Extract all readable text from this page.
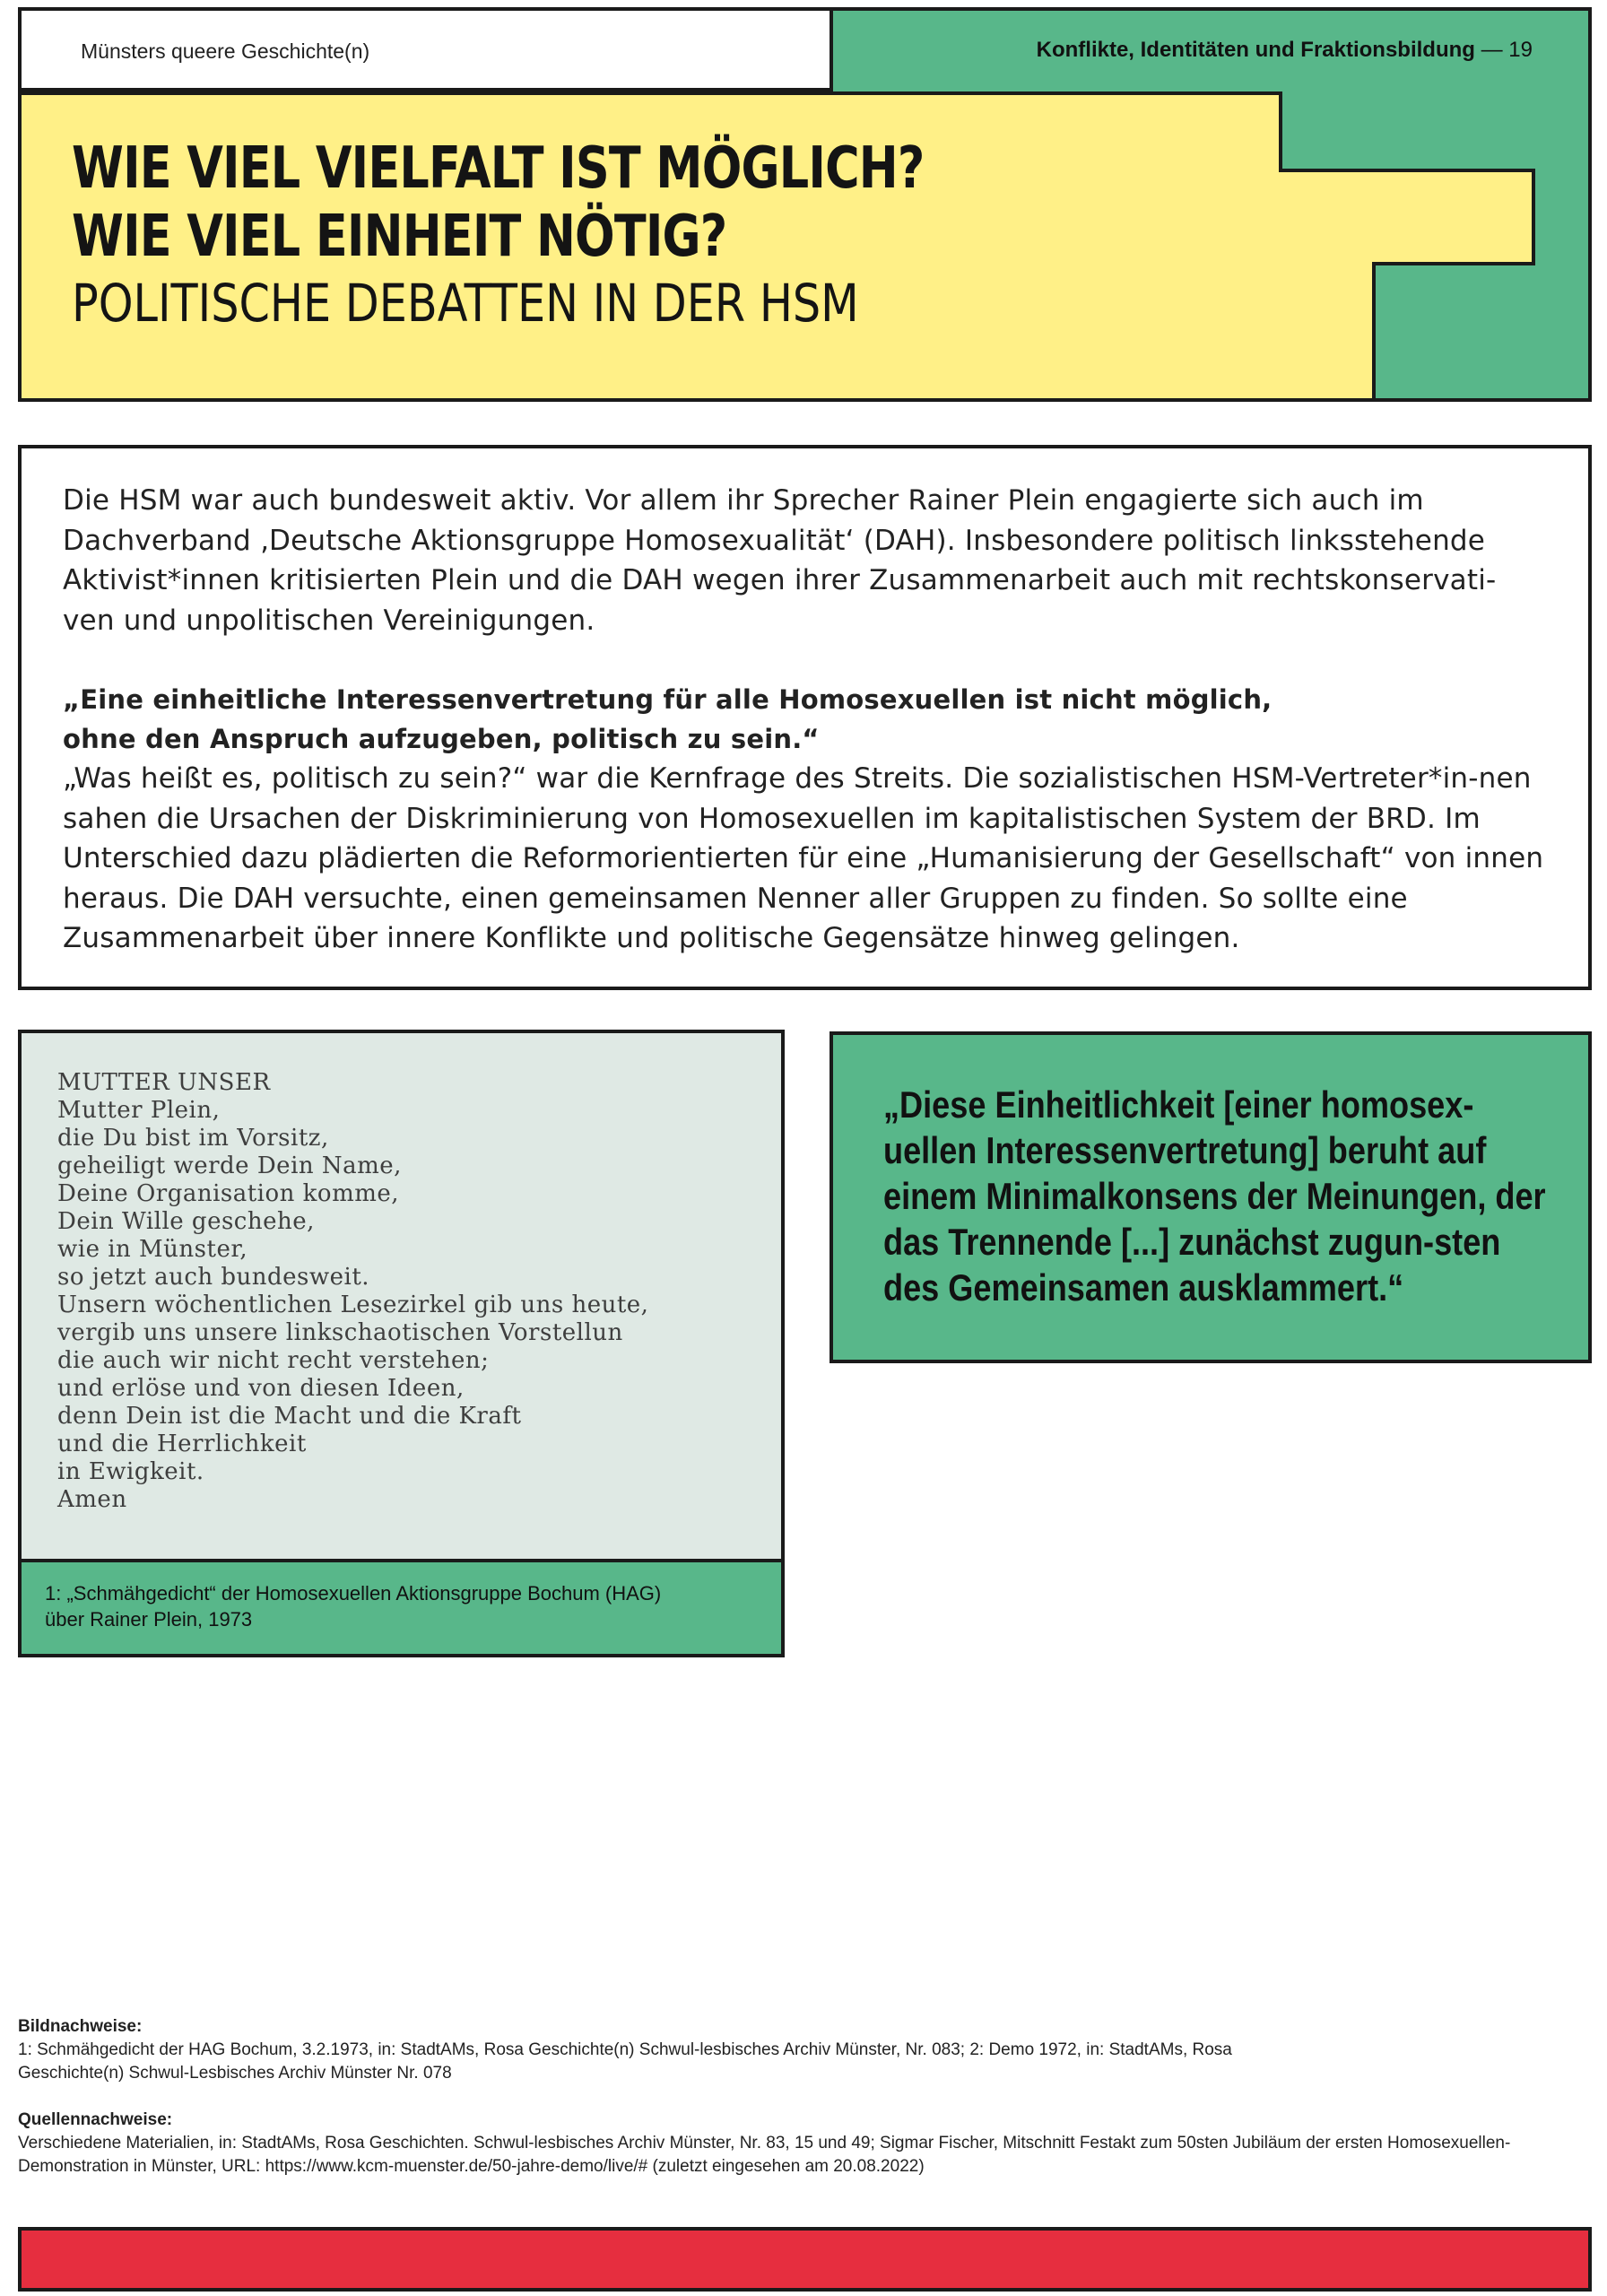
Münsters queere Geschichte(n)	Konflikte, Identitäten und Fraktionsbildung — 19
WIE VIEL VIELFALT IST MÖGLICH?
WIE VIEL EINHEIT NÖTIG?
POLITISCHE DEBATTEN IN DER HSM

Die HSM war auch bundesweit aktiv. Vor allem ihr Sprecher Rainer Plein engagierte sich auch im Dachverband ‚Deutsche Aktionsgruppe Homosexualität‘ (DAH). Insbesondere politisch linksstehende Aktivist*innen kritisierten Plein und die DAH wegen ihrer Zusammenarbeit auch mit rechtskonservati-ven und unpolitischen Vereinigungen.

„Eine einheitliche Interessenvertretung für alle Homosexuellen ist nicht möglich,

ohne den Anspruch aufzugeben, politisch zu sein.“

„Was heißt es, politisch zu sein?“ war die Kernfrage des Streits. Die sozialistischen HSM-Vertreter*in-nen sahen die Ursachen der Diskriminierung von Homosexuellen im kapitalistischen System der BRD. Im Unterschied dazu plädierten die Reformorientierten für eine „Humanisierung der Gesellschaft“ von innen heraus. Die DAH versuchte, einen gemeinsamen Nenner aller Gruppen zu finden. So sollte eine Zusammenarbeit über innere Konflikte und politische Gegensätze hinweg gelingen.

MUTTER UNSER
Mutter Plein,
die Du bist im Vorsitz,
geheiligt werde Dein Name,
Deine Organisation komme,
Dein Wille geschehe,
wie in Münster,
so jetzt auch bundesweit.
Unsern wöchentlichen Lesezirkel gib uns heute,
vergib uns unsere linkschaotischen Vorstellun
die auch wir nicht recht verstehen;
und erlöse und von diesen Ideen,
denn Dein ist die Macht und die Kraft
und die Herrlichkeit
in Ewigkeit.
Amen
1: „Schmähgedicht“ der Homosexuellen Aktionsgruppe Bochum (HAG) über Rainer Plein, 1973
„Diese Einheitlichkeit [einer homosex-uellen Interessenvertretung] beruht auf einem Minimalkonsens der Meinungen, der das Trennende [...] zunächst zugun-sten des Gemeinsamen ausklammert.“
Bildnachweise:
1: Schmähgedicht der HAG Bochum, 3.2.1973, in: StadtAMs, Rosa Geschichte(n) Schwul-lesbisches Archiv Münster, Nr. 083; 2: Demo 1972, in: StadtAMs, Rosa Geschichte(n) Schwul-Lesbisches Archiv Münster Nr. 078
Quellennachweise:
Verschiedene Materialien, in: StadtAMs, Rosa Geschichten. Schwul-lesbisches Archiv Münster, Nr. 83, 15 und 49; Sigmar Fischer, Mitschnitt Festakt zum 50sten Jubiläum der ersten Homosexuellen-Demonstration in Münster, URL: https://www.kcm-muenster.de/50-jahre-demo/live/# (zuletzt eingesehen am 20.08.2022)
